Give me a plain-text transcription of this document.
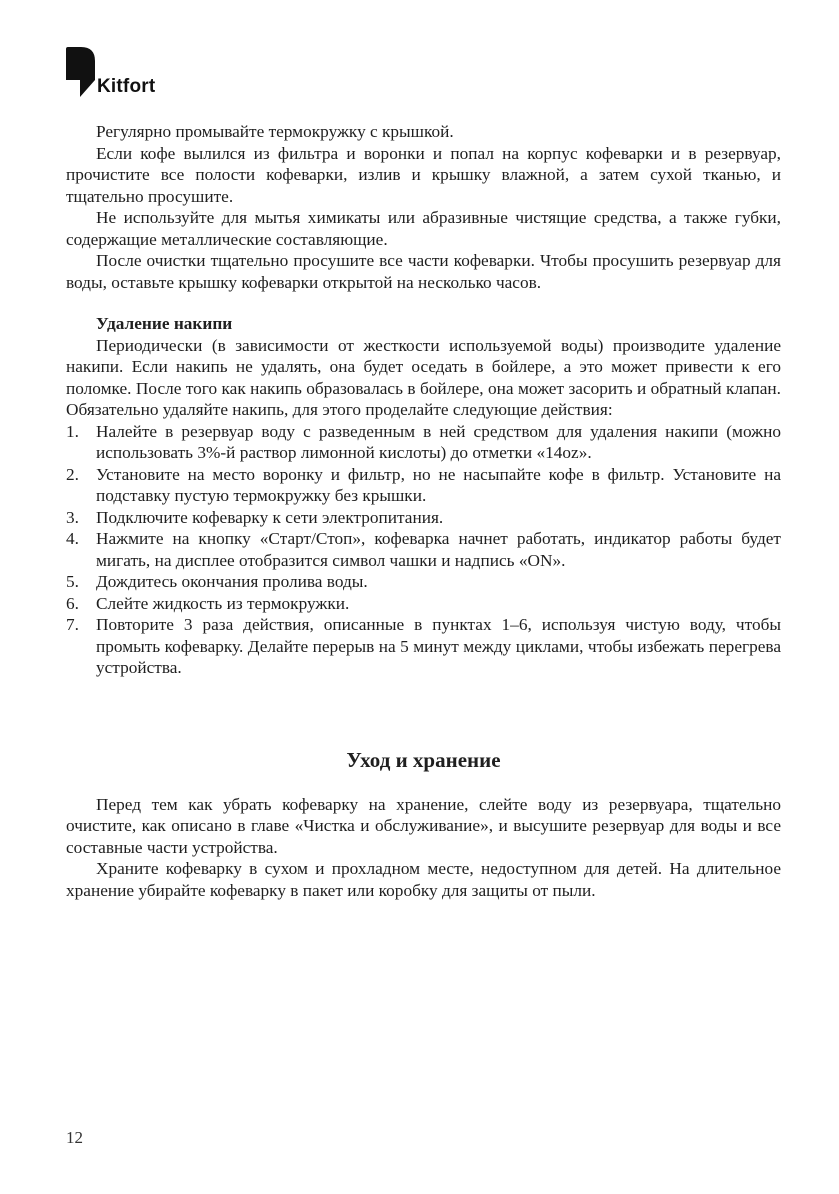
Kitfort

Регулярно промывайте термокружку с крышкой.

Если кофе вылился из фильтра и воронки и попал на корпус кофеварки и в резервуар, прочистите все полости кофеварки, излив и крышку влажной, а затем сухой тканью, и тщательно просушите.

Не используйте для мытья химикаты или абразивные чистящие средства, а также губки, содержащие металлические составляющие.

После очистки тщательно просушите все части кофеварки. Чтобы просушить резервуар для воды, оставьте крышку кофеварки открытой на несколько часов.

Удаление накипи

Периодически (в зависимости от жесткости используемой воды) производите удаление накипи. Если накипь не удалять, она будет оседать в бойлере, а это может привести к его поломке. После того как накипь образовалась в бойлере, она может засорить и обратный клапан. Обязательно удаляйте накипь, для этого проделайте следующие действия:

1. Налейте в резервуар воду с разведенным в ней средством для удаления накипи (можно использовать 3%-й раствор лимонной кислоты) до отметки «14oz».
2. Установите на место воронку и фильтр, но не насыпайте кофе в фильтр. Установите на подставку пустую термокружку без крышки.
3. Подключите кофеварку к сети электропитания.
4. Нажмите на кнопку «Старт/Стоп», кофеварка начнет работать, индикатор работы будет мигать, на дисплее отобразится символ чашки и надпись «ON».
5. Дождитесь окончания пролива воды.
6. Слейте жидкость из термокружки.
7. Повторите 3 раза действия, описанные в пунктах 1–6, используя чистую воду, чтобы промыть кофеварку. Делайте перерыв на 5 минут между циклами, чтобы избежать перегрева устройства.
Уход и хранение

Перед тем как убрать кофеварку на хранение, слейте воду из резервуара, тщательно очистите, как описано в главе «Чистка и обслуживание», и высушите резервуар для воды и все составные части устройства.

Храните кофеварку в сухом и прохладном месте, недоступном для детей. На длительное хранение убирайте кофеварку в пакет или коробку для защиты от пыли.

12
